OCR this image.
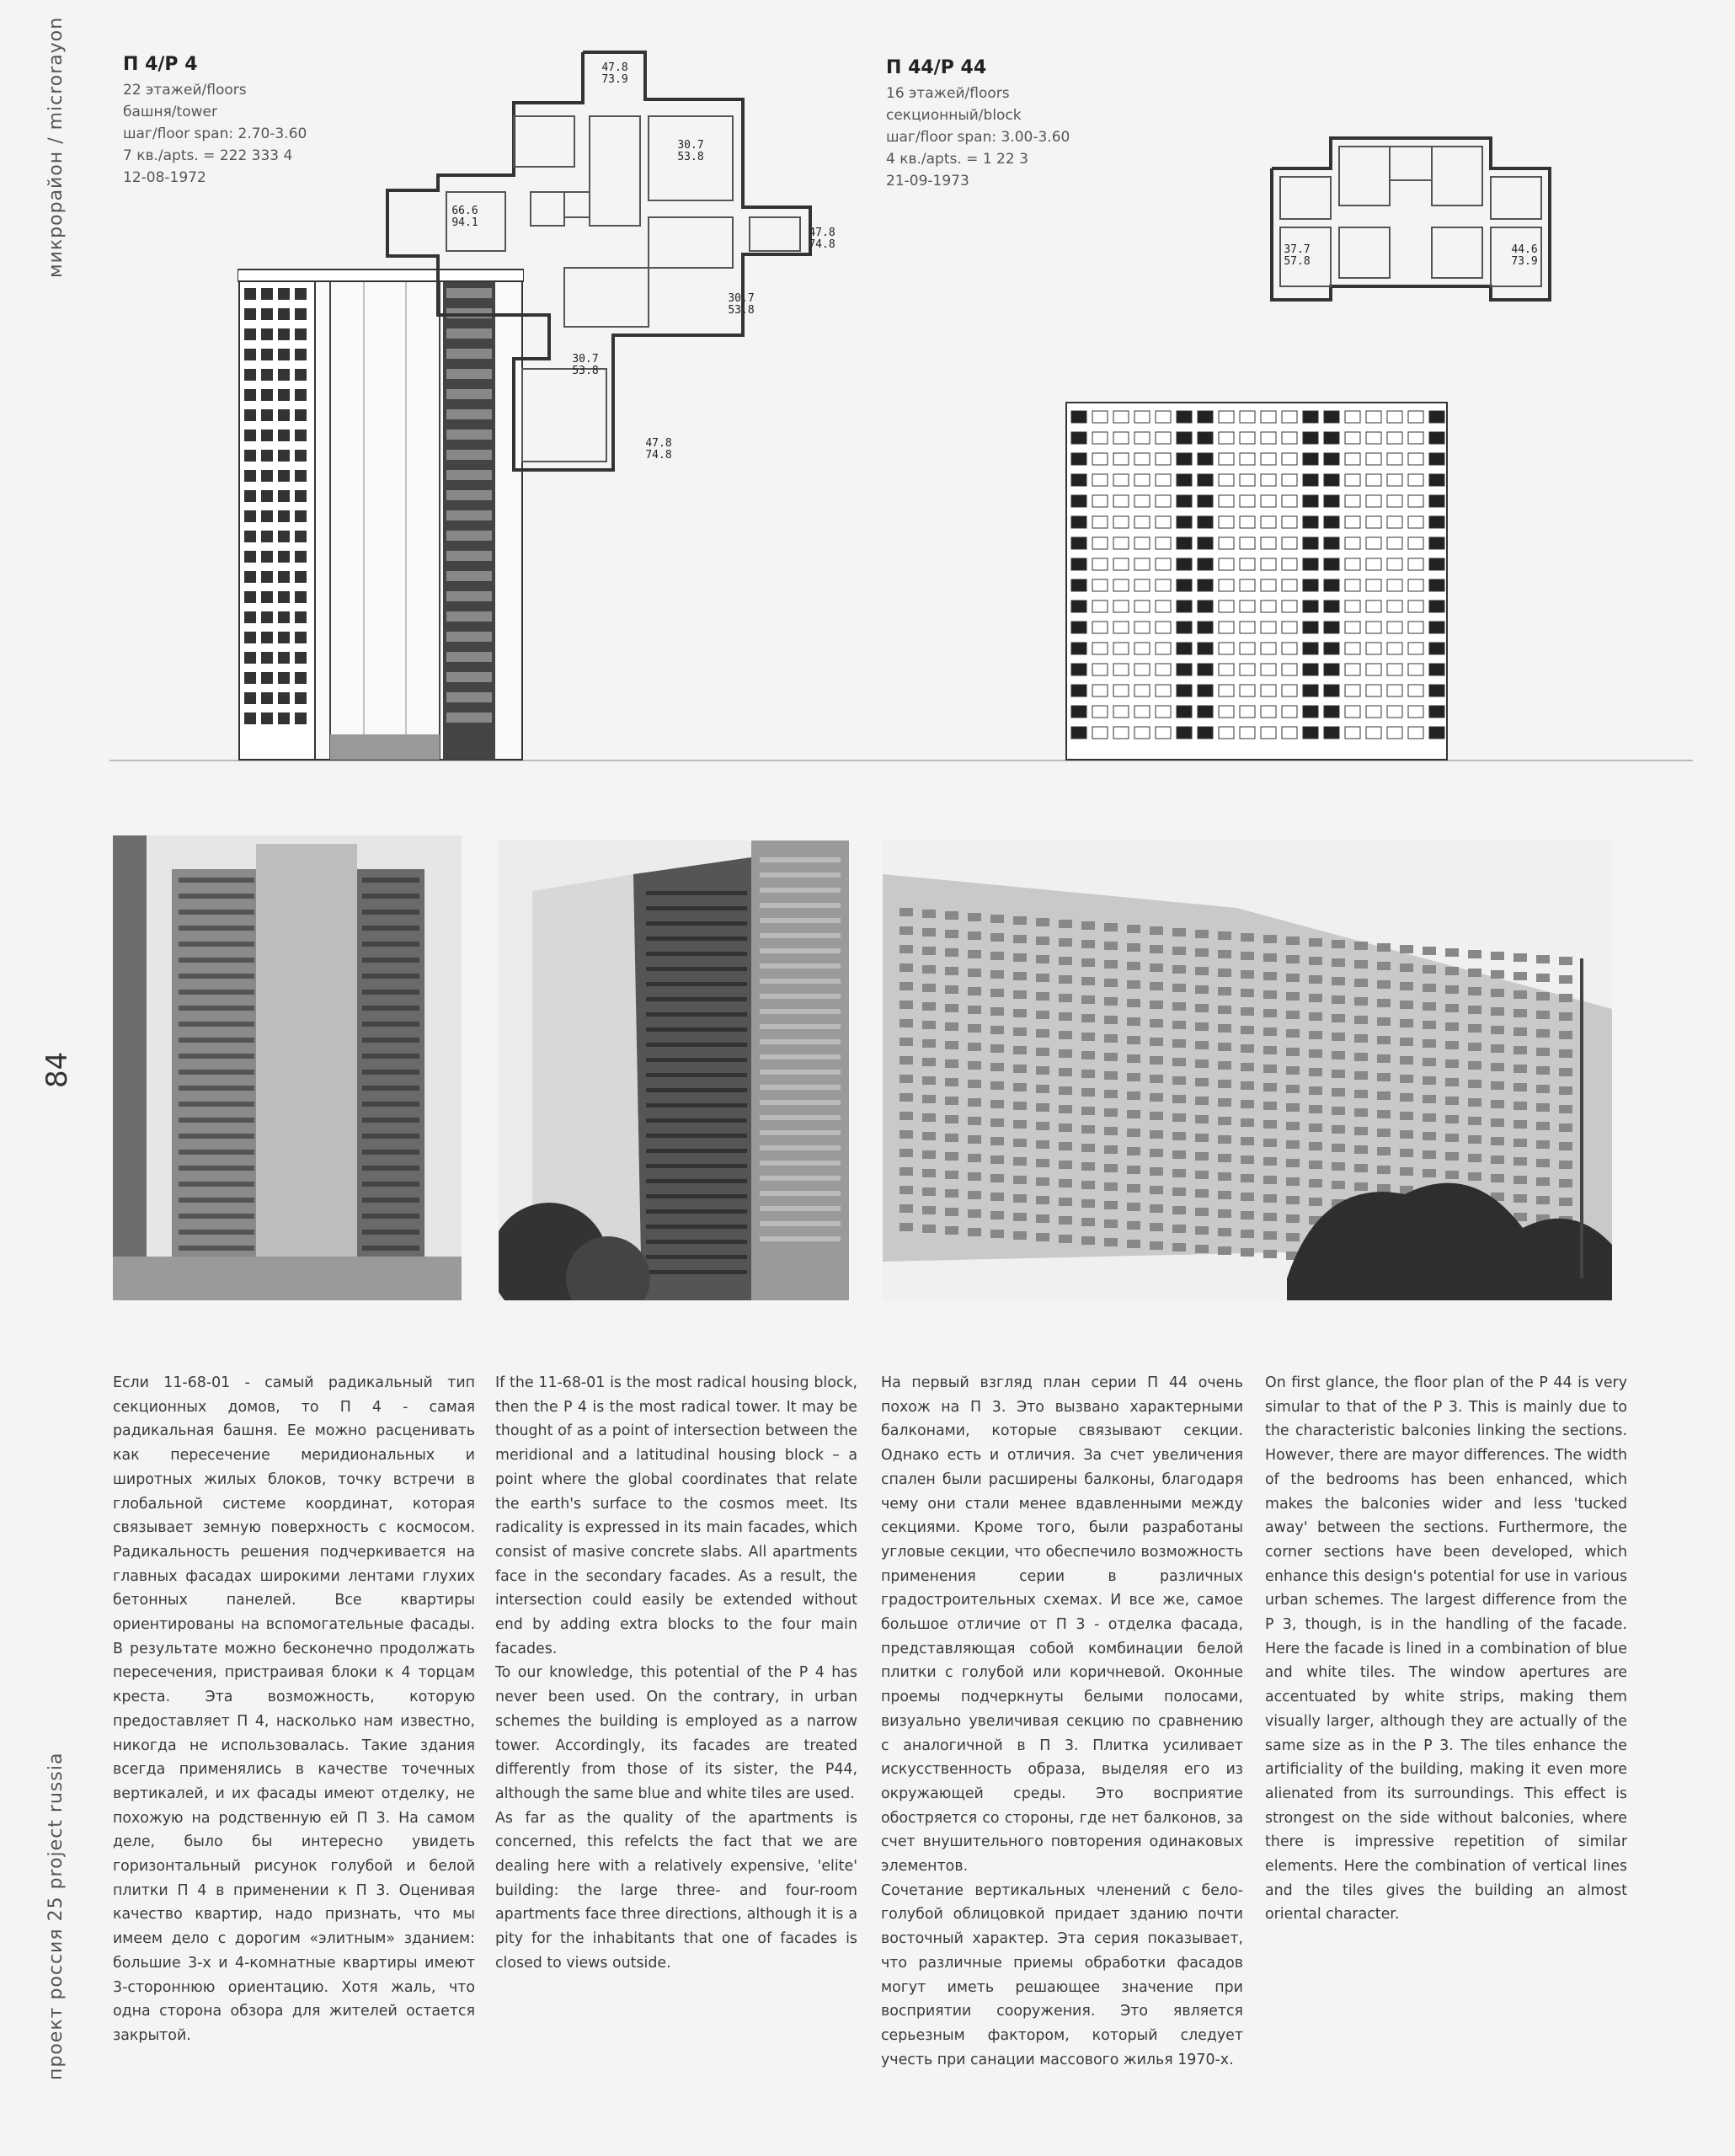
микрорайон / microrayon
84
проект россия 25 project russia
П 4/Р 4
22 этажей/floors
башня/tower
шаг/floor span: 2.70-3.60
7 кв./apts. = 222 333 4
12-08-1972
П 44/Р 44
16 этажей/floors
секционный/block
шаг/floor span: 3.00-3.60
4 кв./apts. = 1 22 3
21-09-1973
47.8
73.9
30.7
53.8
66.6
94.1
47.8
74.8
30.7
53.8
30.7
53.8
47.8
74.8
37.7
57.8
44.6
73.9
Если 11-68-01 - самый радикальный тип секционных домов, то П 4 - самая радикальная башня. Ее можно расценивать как пересечение меридиональных и широтных жилых блоков, точку встречи в глобальной системе координат, которая связывает земную поверхность с космосом. Радикальность решения подчеркивается на главных фасадах широкими лентами глухих бетонных панелей. Все квартиры ориентированы на вспомогательные фасады. В результате можно бесконечно продолжать пересечения, пристраивая блоки к 4 торцам креста. Эта возможность, которую предоставляет П 4, насколько нам известно, никогда не использовалась. Такие здания всегда применялись в качестве точечных вертикалей, и их фасады имеют отделку, не похожую на родственную ей П 3. На самом деле, было бы интересно увидеть горизонтальный рисунок голубой и белой плитки П 4 в применении к П 3. Оценивая качество квартир, надо признать, что мы имеем дело с дорогим «элитным» зданием: большие 3-х и 4-комнатные квартиры имеют 3-стороннюю ориентацию. Хотя жаль, что одна сторона обзора для жителей остается закрытой.
If the 11-68-01 is the most radical housing block, then the P 4 is the most radical tower. It may be thought of as a point of intersection between the meridional and a latitudinal housing block – a point where the global coordinates that relate the earth's surface to the cosmos meet. Its radicality is expressed in its main facades, which consist of masive concrete slabs. All apartments face in the secondary facades. As a result, the intersection could easily be extended without end by adding extra blocks to the four main facades.
To our knowledge, this potential of the P 4 has never been used. On the contrary, in urban schemes the building is employed as a narrow tower. Accordingly, its facades are treated differently from those of its sister, the P44, although the same blue and white tiles are used.
As far as the quality of the apartments is concerned, this refelcts the fact that we are dealing here with a relatively expensive, 'elite' building: the large three- and four-room apartments face three directions, although it is a pity for the inhabitants that one of facades is closed to views outside.
На первый взгляд план серии П 44 очень похож на П 3. Это вызвано характерными балконами, которые связывают секции. Однако есть и отличия. За счет увеличения спален были расширены балконы, благодаря чему они стали менее вдавленными между секциями. Кроме того, были разработаны угловые секции, что обеспечило возможность применения серии в различных градостроительных схемах. И все же, самое большое отличие от П 3 - отделка фасада, представляющая собой комбинации белой плитки с голубой или коричневой. Оконные проемы подчеркнуты белыми полосами, визуально увеличивая секцию по сравнению с аналогичной в П 3. Плитка усиливает искусственность образа, выделяя его из окружающей среды. Это восприятие обостряется со стороны, где нет балконов, за счет внушительного повторения одинаковых элементов.
Сочетание вертикальных членений с бело-голубой облицовкой придает зданию почти восточный характер. Эта серия показывает, что различные приемы обработки фасадов могут иметь решающее значение при восприятии сооружения. Это является серьезным фактором, который следует учесть при санации массового жилья 1970-х.
On first glance, the floor plan of the P 44 is very simular to that of the P 3. This is mainly due to the characteristic balconies linking the sections. However, there are mayor differences. The width of the bedrooms has been enhanced, which makes the balconies wider and less 'tucked away' between the sections. Furthermore, the corner sections have been developed, which enhance this design's potential for use in various urban schemes. The largest difference from the P 3, though, is in the handling of the facade. Here the facade is lined in a combination of blue and white tiles. The window apertures are accentuated by white strips, making them visually larger, although they are actually of the same size as in the P 3. The tiles enhance the artificiality of the building, making it even more alienated from its surroundings. This effect is strongest on the side without balconies, where there is impressive repetition of similar elements. Here the combination of vertical lines and the tiles gives the building an almost oriental character.
